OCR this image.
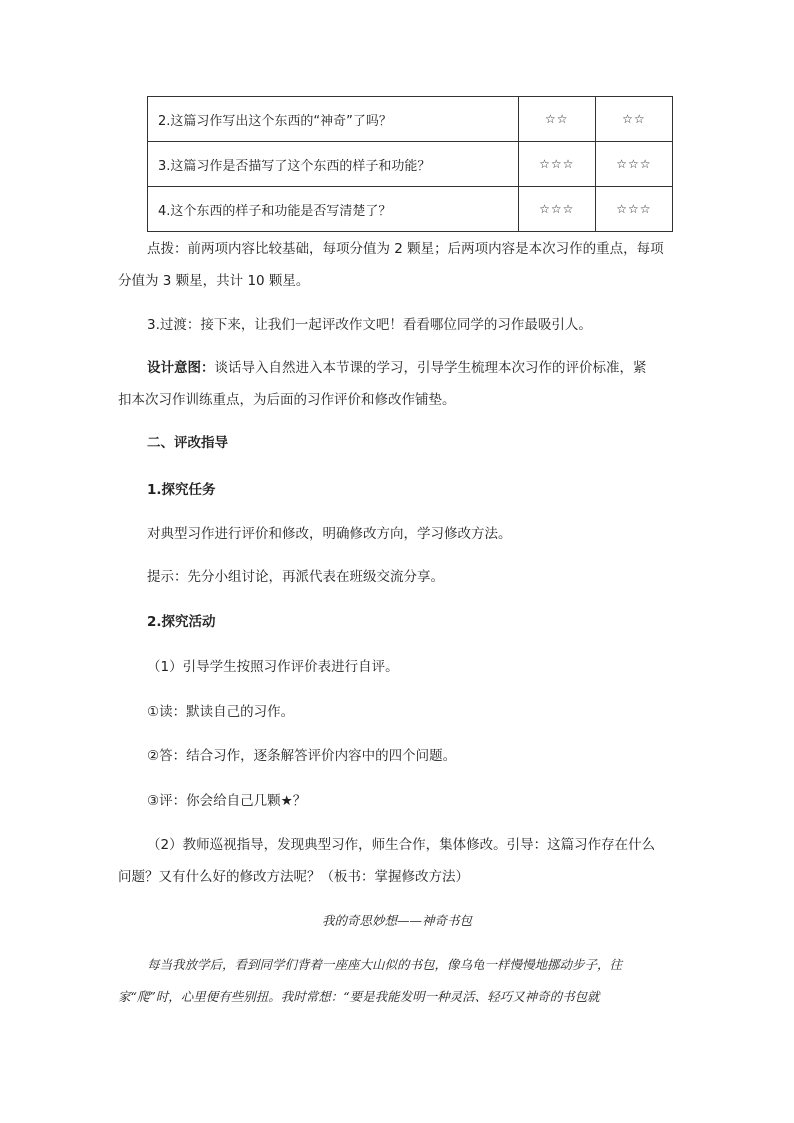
2.这篇习作写出这个东西的“神奇”了吗？	☆☆	☆☆
3.这篇习作是否描写了这个东西的样子和功能？	☆☆☆	☆☆☆
4.这个东西的样子和功能是否写清楚了？	☆☆☆	☆☆☆
点拨：前两项内容比较基础，每项分值为 2 颗星；后两项内容是本次习作的重点，每项
分值为 3 颗星，共计 10 颗星。
3.过渡：接下来，让我们一起评改作文吧！看看哪位同学的习作最吸引人。
设计意图：谈话导入自然进入本节课的学习，引导学生梳理本次习作的评价标准，紧
扣本次习作训练重点，为后面的习作评价和修改作铺垫。
二、评改指导
1.探究任务
对典型习作进行评价和修改，明确修改方向，学习修改方法。
提示：先分小组讨论，再派代表在班级交流分享。
2.探究活动
（1）引导学生按照习作评价表进行自评。
①读：默读自己的习作。
②答：结合习作，逐条解答评价内容中的四个问题。
③评：你会给自己几颗★？
（2）教师巡视指导，发现典型习作，师生合作，集体修改。引导：这篇习作存在什么
问题？又有什么好的修改方法呢？（板书：掌握修改方法）
我的奇思妙想——神奇书包
每当我放学后，看到同学们背着一座座大山似的书包，像乌龟一样慢慢地挪动步子，往
家“爬”时，心里便有些别扭。我时常想：“要是我能发明一种灵活、轻巧又神奇的书包就
